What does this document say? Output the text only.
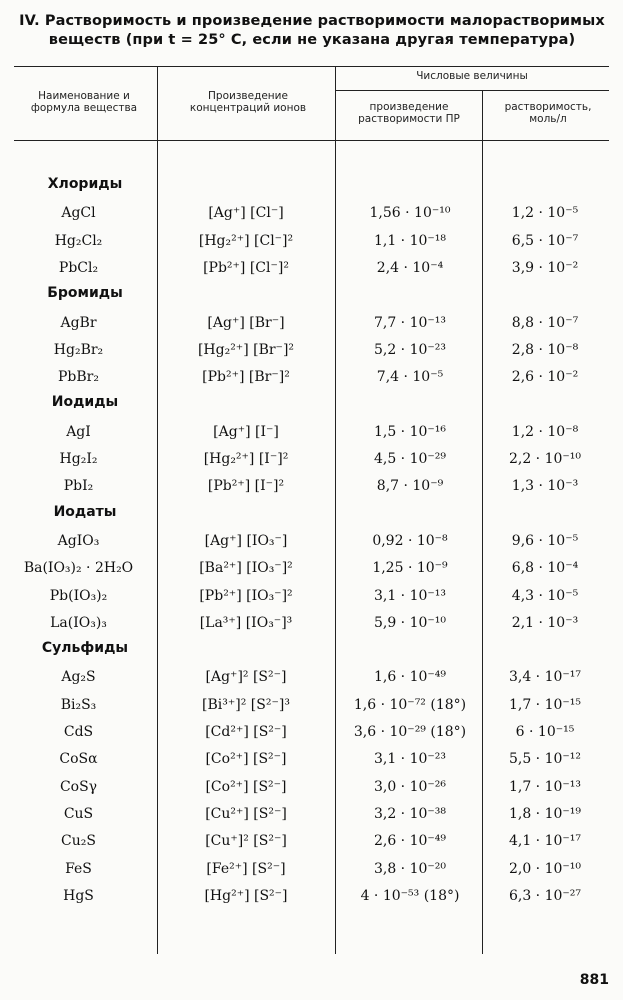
IV. Растворимость и произведение растворимости малорастворимых
веществ (при t = 25° С, если не указана другая температура)
Наименование и формула вещества
Произведение концентраций ионов
Числовые величины
произведение растворимости ПР
растворимость, моль/л
Хлориды
AgCl	[Ag⁺] [Cl⁻]	1,56 · 10⁻¹⁰	1,2 · 10⁻⁵
Hg₂Cl₂	[Hg₂²⁺] [Cl⁻]²	1,1 · 10⁻¹⁸	6,5 · 10⁻⁷
PbCl₂	[Pb²⁺] [Cl⁻]²	2,4 · 10⁻⁴	3,9 · 10⁻²
Бромиды
AgBr	[Ag⁺] [Br⁻]	7,7 · 10⁻¹³	8,8 · 10⁻⁷
Hg₂Br₂	[Hg₂²⁺] [Br⁻]²	5,2 · 10⁻²³	2,8 · 10⁻⁸
PbBr₂	[Pb²⁺] [Br⁻]²	7,4 · 10⁻⁵	2,6 · 10⁻²
Иодиды
AgI	[Ag⁺] [I⁻]	1,5 · 10⁻¹⁶	1,2 · 10⁻⁸
Hg₂I₂	[Hg₂²⁺] [I⁻]²	4,5 · 10⁻²⁹	2,2 · 10⁻¹⁰
PbI₂	[Pb²⁺] [I⁻]²	8,7 · 10⁻⁹	1,3 · 10⁻³
Иодаты
AgIO₃	[Ag⁺] [IO₃⁻]	0,92 · 10⁻⁸	9,6 · 10⁻⁵
Ba(IO₃)₂ · 2H₂O	[Ba²⁺] [IO₃⁻]²	1,25 · 10⁻⁹	6,8 · 10⁻⁴
Pb(IO₃)₂	[Pb²⁺] [IO₃⁻]²	3,1 · 10⁻¹³	4,3 · 10⁻⁵
La(IO₃)₃	[La³⁺] [IO₃⁻]³	5,9 · 10⁻¹⁰	2,1 · 10⁻³
Сульфиды
Ag₂S	[Ag⁺]² [S²⁻]	1,6 · 10⁻⁴⁹	3,4 · 10⁻¹⁷
Bi₂S₃	[Bi³⁺]² [S²⁻]³	1,6 · 10⁻⁷² (18°)	1,7 · 10⁻¹⁵
CdS	[Cd²⁺] [S²⁻]	3,6 · 10⁻²⁹ (18°)	6 · 10⁻¹⁵
CoSα	[Co²⁺] [S²⁻]	3,1 · 10⁻²³	5,5 · 10⁻¹²
CoSγ	[Co²⁺] [S²⁻]	3,0 · 10⁻²⁶	1,7 · 10⁻¹³
CuS	[Cu²⁺] [S²⁻]	3,2 · 10⁻³⁸	1,8 · 10⁻¹⁹
Cu₂S	[Cu⁺]² [S²⁻]	2,6 · 10⁻⁴⁹	4,1 · 10⁻¹⁷
FeS	[Fe²⁺] [S²⁻]	3,8 · 10⁻²⁰	2,0 · 10⁻¹⁰
HgS	[Hg²⁺] [S²⁻]	4 · 10⁻⁵³ (18°)	6,3 · 10⁻²⁷
881
